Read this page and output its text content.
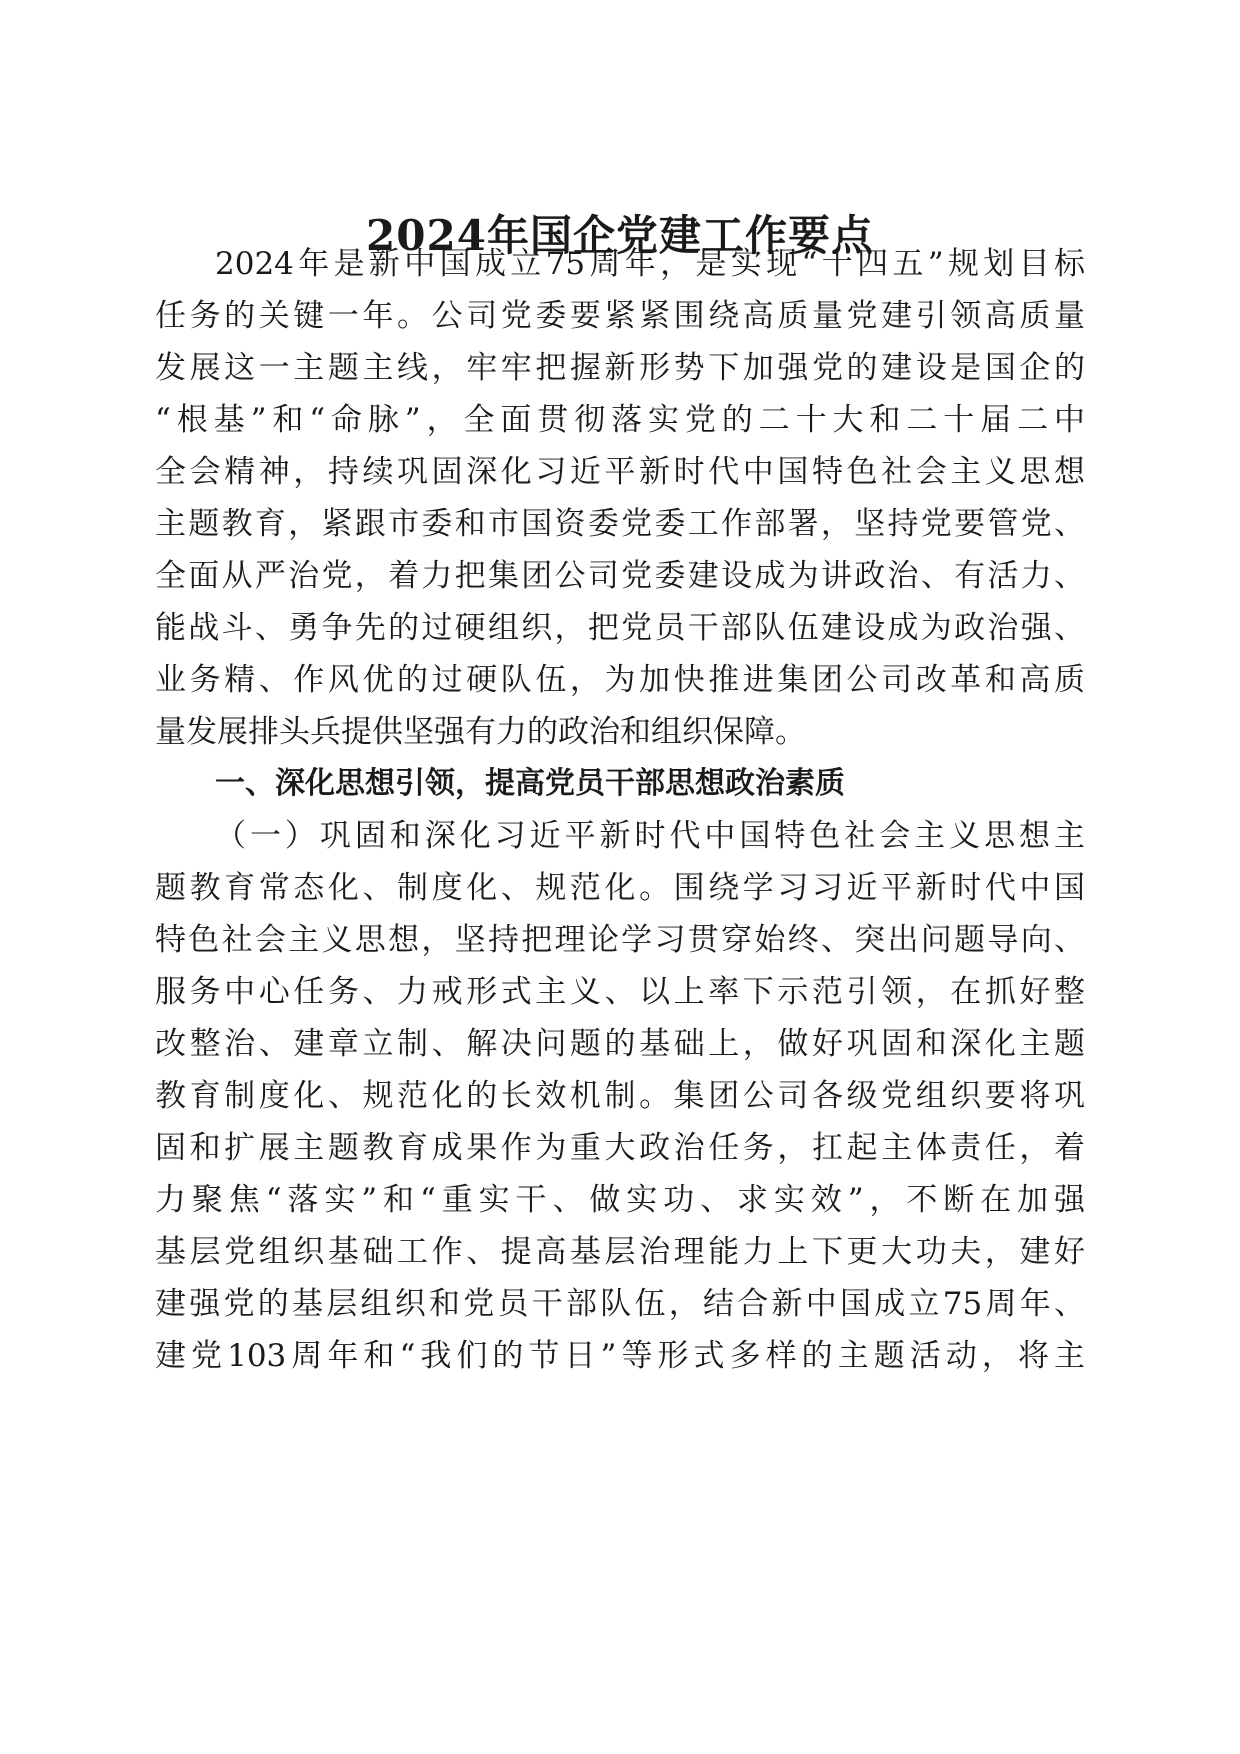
2024年国企党建工作要点
2024年是新中国成立75周年，是实现“十四五”规划目标
任务的关键一年。公司党委要紧紧围绕高质量党建引领高质量
发展这一主题主线，牢牢把握新形势下加强党的建设是国企的
“根基”和“命脉”，全面贯彻落实党的二十大和二十届二中
全会精神，持续巩固深化习近平新时代中国特色社会主义思想
主题教育，紧跟市委和市国资委党委工作部署，坚持党要管党、
全面从严治党，着力把集团公司党委建设成为讲政治、有活力、
能战斗、勇争先的过硬组织，把党员干部队伍建设成为政治强、
业务精、作风优的过硬队伍，为加快推进集团公司改革和高质
量发展排头兵提供坚强有力的政治和组织保障。
一、深化思想引领，提高党员干部思想政治素质
（一）巩固和深化习近平新时代中国特色社会主义思想主
题教育常态化、制度化、规范化。围绕学习习近平新时代中国
特色社会主义思想，坚持把理论学习贯穿始终、突出问题导向、
服务中心任务、力戒形式主义、以上率下示范引领，在抓好整
改整治、建章立制、解决问题的基础上，做好巩固和深化主题
教育制度化、规范化的长效机制。集团公司各级党组织要将巩
固和扩展主题教育成果作为重大政治任务，扛起主体责任，着
力聚焦“落实”和“重实干、做实功、求实效”，不断在加强
基层党组织基础工作、提高基层治理能力上下更大功夫，建好
建强党的基层组织和党员干部队伍，结合新中国成立75周年、
建党103周年和“我们的节日”等形式多样的主题活动，将主
